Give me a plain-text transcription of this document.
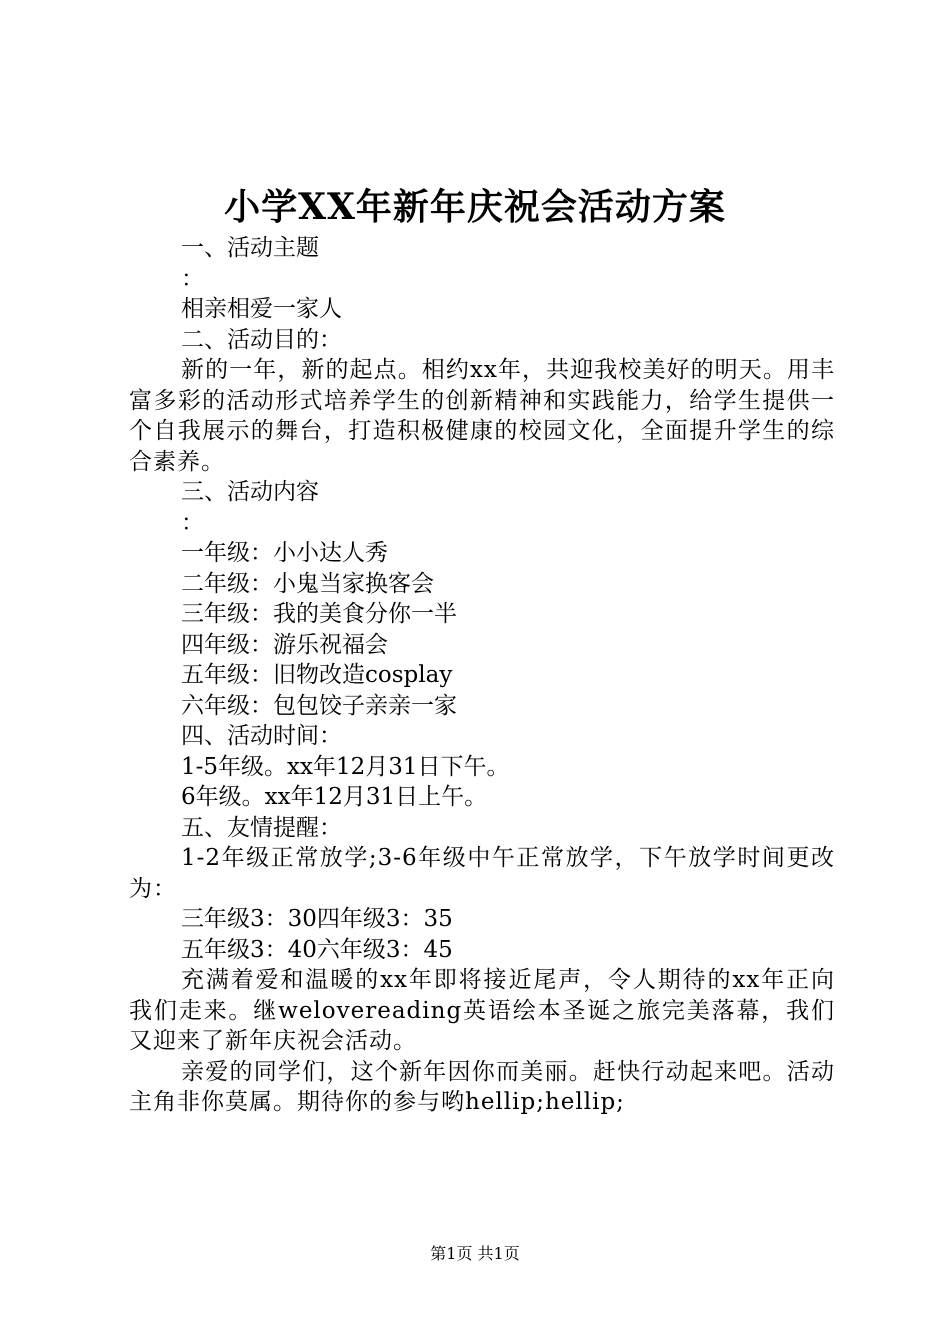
小学XX年新年庆祝会活动方案
一、活动主题
：
相亲相爱一家人
二、活动目的：
新的一年，新的起点。相约xx年，共迎我校美好的明天。用丰富多彩的活动形式培养学生的创新精神和实践能力，给学生提供一个自我展示的舞台，打造积极健康的校园文化，全面提升学生的综合素养。
三、活动内容
：
一年级：小小达人秀
二年级：小鬼当家换客会
三年级：我的美食分你一半
四年级：游乐祝福会
五年级：旧物改造cosplay
六年级：包包饺子亲亲一家
四、活动时间：
1-5年级。xx年12月31日下午。
6年级。xx年12月31日上午。
五、友情提醒：
1-2年级正常放学;3-6年级中午正常放学，下午放学时间更改为：
三年级3：30四年级3：35
五年级3：40六年级3：45
充满着爱和温暖的xx年即将接近尾声，令人期待的xx年正向我们走来。继welovereading英语绘本圣诞之旅完美落幕，我们又迎来了新年庆祝会活动。
亲爱的同学们，这个新年因你而美丽。赶快行动起来吧。活动主角非你莫属。期待你的参与哟hellip;hellip;
第1页 共1页
